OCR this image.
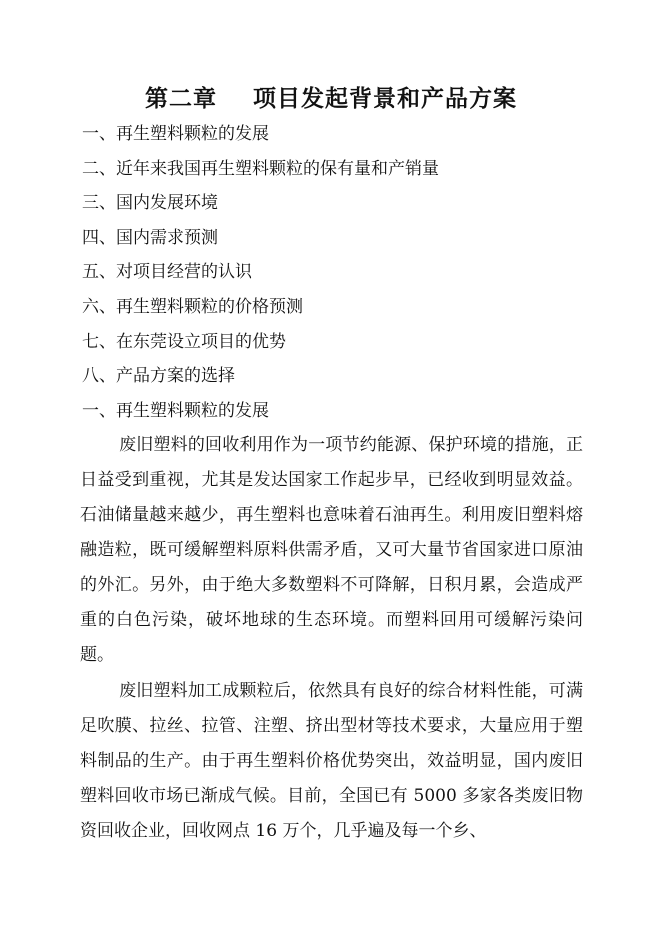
第二章    项目发起背景和产品方案
一、再生塑料颗粒的发展
二、近年来我国再生塑料颗粒的保有量和产销量
三、国内发展环境
四、国内需求预测
五、对项目经营的认识
六、再生塑料颗粒的价格预测
七、在东莞设立项目的优势
八、产品方案的选择
一、再生塑料颗粒的发展

废旧塑料的回收利用作为一项节约能源、保护环境的措施，正日益受到重视，尤其是发达国家工作起步早，已经收到明显效益。石油储量越来越少，再生塑料也意味着石油再生。利用废旧塑料熔融造粒，既可缓解塑料原料供需矛盾，又可大量节省国家进口原油的外汇。另外，由于绝大多数塑料不可降解，日积月累，会造成严重的白色污染，破坏地球的生态环境。而塑料回用可缓解污染问题。

废旧塑料加工成颗粒后，依然具有良好的综合材料性能，可满足吹膜、拉丝、拉管、注塑、挤出型材等技术要求，大量应用于塑料制品的生产。由于再生塑料价格优势突出，效益明显，国内废旧塑料回收市场已渐成气候。目前，全国已有 5000 多家各类废旧物资回收企业，回收网点 16 万个，几乎遍及每一个乡、
